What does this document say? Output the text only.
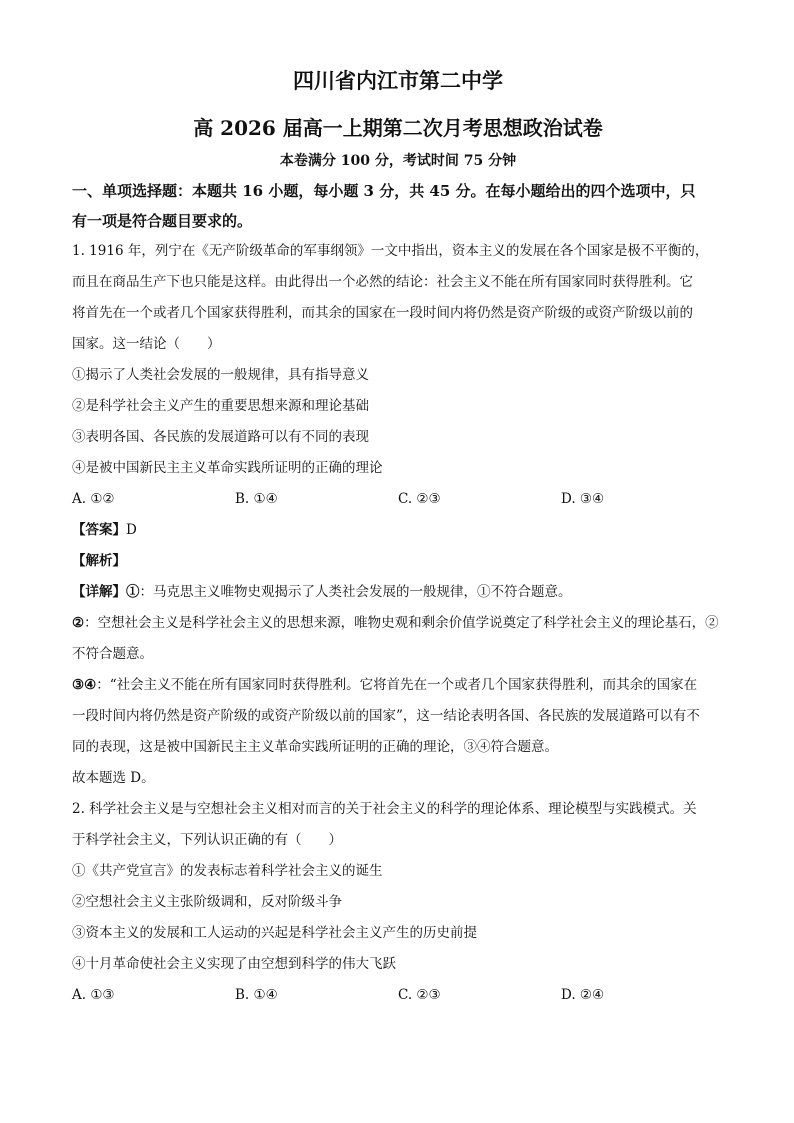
四川省内江市第二中学
高 2026 届高一上期第二次月考思想政治试卷
本卷满分 100 分，考试时间 75 分钟
一、单项选择题：本题共 16 小题，每小题 3 分，共 45 分。在每小题给出的四个选项中，只
有一项是符合题目要求的。
1. 1916 年，列宁在《无产阶级革命的军事纲领》一文中指出，资本主义的发展在各个国家是极不平衡的，
而且在商品生产下也只能是这样。由此得出一个必然的结论：社会主义不能在所有国家同时获得胜利。它
将首先在一个或者几个国家获得胜利，而其余的国家在一段时间内将仍然是资产阶级的或资产阶级以前的
国家。这一结论（　　）
①揭示了人类社会发展的一般规律，具有指导意义
②是科学社会主义产生的重要思想来源和理论基础
③表明各国、各民族的发展道路可以有不同的表现
④是被中国新民主主义革命实践所证明的正确的理论
A. ①②	B. ①④	C. ②③	D. ③④
【答案】D
【解析】
【详解】①：马克思主义唯物史观揭示了人类社会发展的一般规律，①不符合题意。
②：空想社会主义是科学社会主义的思想来源，唯物史观和剩余价值学说奠定了科学社会主义的理论基石，②
不符合题意。
③④：“社会主义不能在所有国家同时获得胜利。它将首先在一个或者几个国家获得胜利，而其余的国家在
一段时间内将仍然是资产阶级的或资产阶级以前的国家”，这一结论表明各国、各民族的发展道路可以有不
同的表现，这是被中国新民主主义革命实践所证明的正确的理论，③④符合题意。
故本题选 D。
2. 科学社会主义是与空想社会主义相对而言的关于社会主义的科学的理论体系、理论模型与实践模式。关
于科学社会主义，下列认识正确的有（　　）
①《共产党宣言》的发表标志着科学社会主义的诞生
②空想社会主义主张阶级调和，反对阶级斗争
③资本主义的发展和工人运动的兴起是科学社会主义产生的历史前提
④十月革命使社会主义实现了由空想到科学的伟大飞跃
A. ①③	B. ①④	C. ②③	D. ②④
